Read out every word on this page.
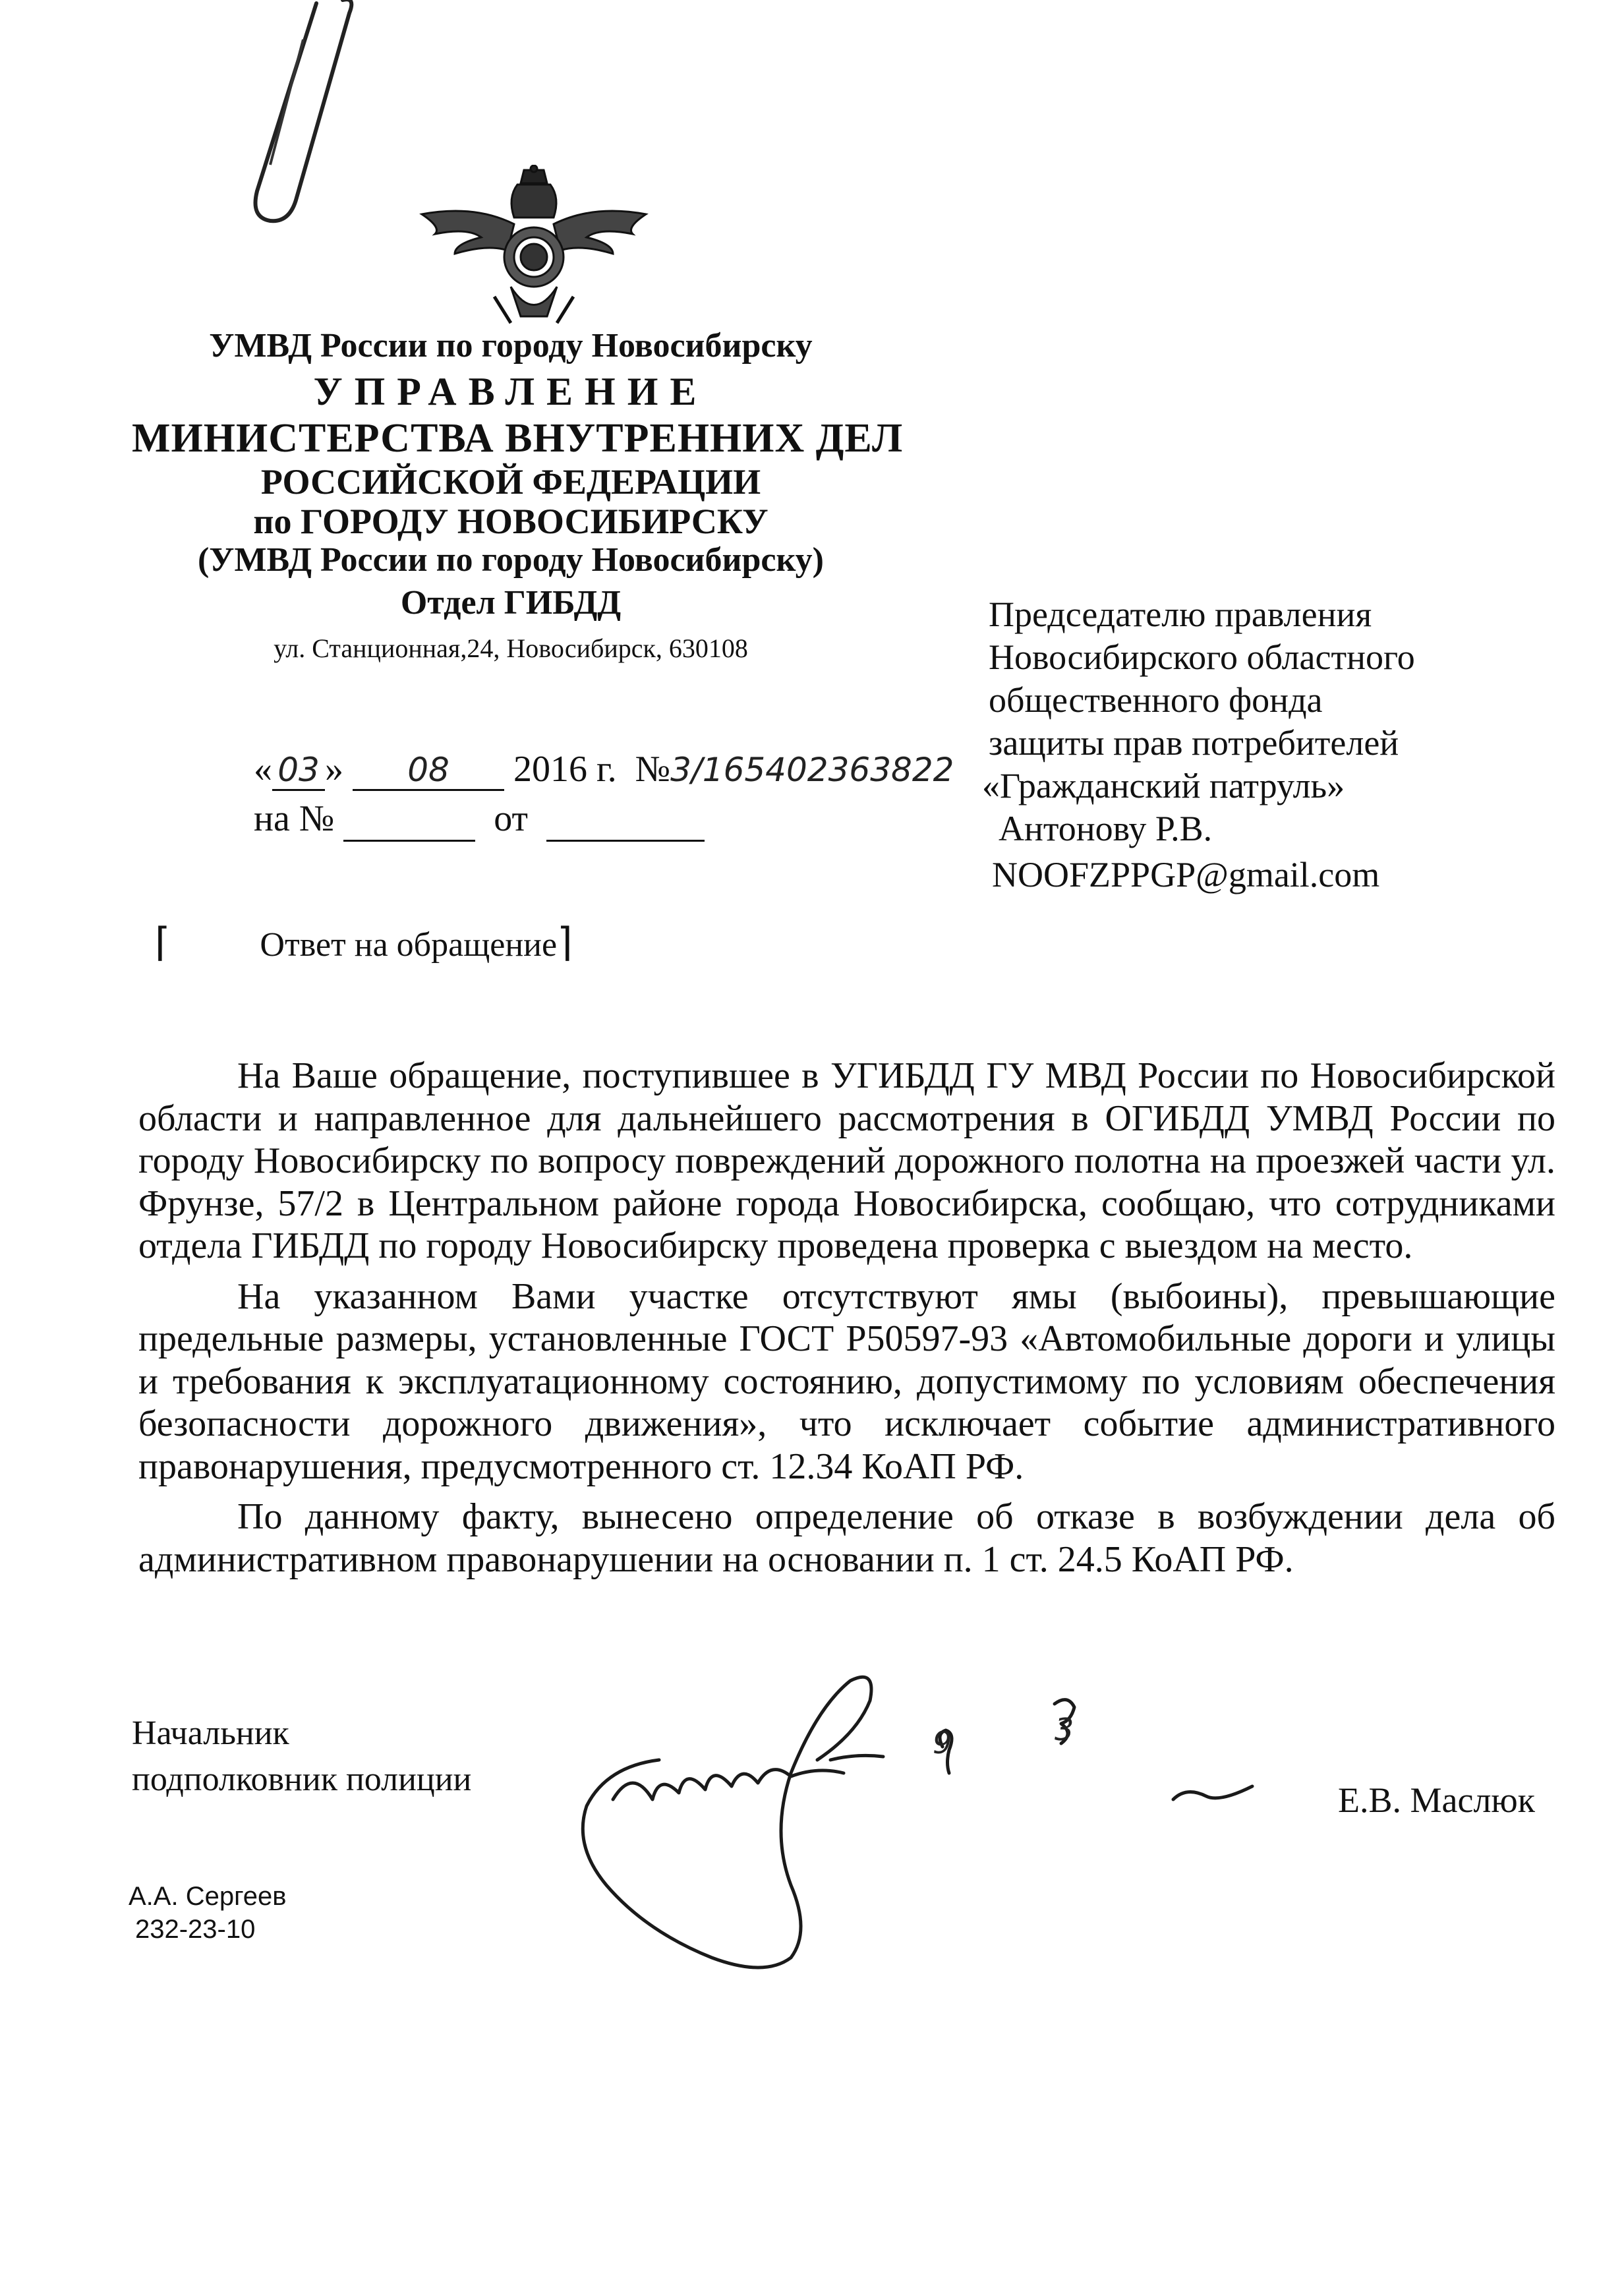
УМВД России по городу Новосибирску
УПРАВЛЕНИЕ
МИНИСТЕРСТВА ВНУТРЕННИХ ДЕЛ
РОССИЙСКОЙ ФЕДЕРАЦИИ
по ГОРОДУ НОВОСИБИРСКУ
(УМВД России по городу Новосибирску)
Отдел ГИБДД
ул. Станционная,24, Новосибирск, 630108
Председателю правления
Новосибирского областного
общественного фонда
защиты прав потребителей
«Гражданский патруль»
Антонову Р.В.
NOOFZPPGP@gmail.com
« 03 » 08 2016 г. №3/165402363822
на №	от
⌈	Ответ на обращение⌉

На Ваше обращение, поступившее в УГИБДД ГУ МВД России по Новосибирской области и направленное для дальнейшего рассмотрения в ОГИБДД УМВД России по городу Новосибирску по вопросу повреждений дорожного полотна на проезжей части ул. Фрунзе, 57/2 в Центральном районе города Новосибирска, сообщаю, что сотрудниками отдела ГИБДД по городу Новосибирску проведена проверка с выездом на место.

На указанном Вами участке отсутствуют ямы (выбоины), превышающие предельные размеры, установленные ГОСТ Р50597-93 «Автомобильные дороги и улицы и требования к эксплуатационному состоянию, допустимому по условиям обеспечения безопасности дорожного движения», что исключает событие административного правонарушения, предусмотренного ст. 12.34 КоАП РФ.

По данному факту, вынесено определение об отказе в возбуждении дела об административном правонарушении на основании п. 1 ст. 24.5 КоАП РФ.

Начальник
подполковник полиции
Е.В. Маслюк
9	3
А.А. Сергеев
232-23-10
